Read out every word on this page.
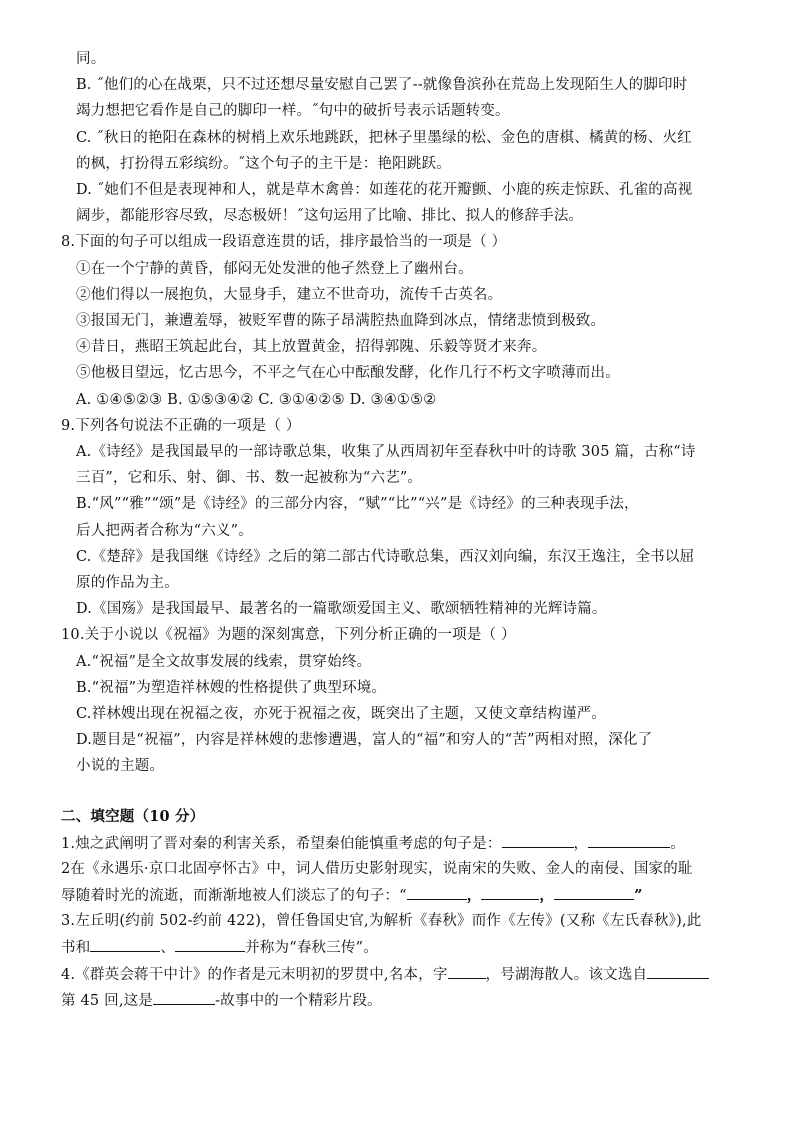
同。
B. ˝他们的心在战栗，只不过还想尽量安慰自己罢了--就像鲁滨孙在荒岛上发现陌生人的脚印时
竭力想把它看作是自己的脚印一样。˝句中的破折号表示话题转变。
C. ˝秋日的艳阳在森林的树梢上欢乐地跳跃，把林子里墨绿的松、金色的唐棋、橘黄的杨、火红
的枫，打扮得五彩缤纷。˝这个句子的主干是：艳阳跳跃。
D. ˝她们不但是表现神和人，就是草木禽兽：如莲花的花开瓣颤、小鹿的疾走惊跃、孔雀的高视
阔步，都能形容尽致，尽态极妍！˝这句运用了比喻、排比、拟人的修辞手法。
8.下面的句子可以组成一段语意连贯的话，排序最恰当的一项是（ ）
①在一个宁静的黄昏，郁闷无处发泄的他孑然登上了幽州台。
②他们得以一展抱负，大显身手，建立不世奇功，流传千古英名。
③报国无门，兼遭羞辱，被贬军曹的陈子昂满腔热血降到冰点，情绪悲愤到极致。
④昔日，燕昭王筑起此台，其上放置黄金，招得郭隗、乐毅等贤才来奔。
⑤他极目望远，忆古思今，不平之气在心中酝酿发酵，化作几行不朽文字喷薄而出。
A. ①④⑤②③ B. ①⑤③④② C. ③①④②⑤ D. ③④①⑤②
9.下列各句说法不正确的一项是（ ）
A.《诗经》是我国最早的一部诗歌总集，收集了从西周初年至春秋中叶的诗歌 305 篇，古称“诗
三百”，它和乐、射、御、书、数一起被称为“六艺”。
B.“风”“雅”“颂”是《诗经》的三部分内容，“赋”“比”“兴”是《诗经》的三种表现手法，
后人把两者合称为“六义”。
C.《楚辞》是我国继《诗经》之后的第二部古代诗歌总集，西汉刘向编，东汉王逸注，全书以屈
原的作品为主。
D.《国殇》是我国最早、最著名的一篇歌颂爱国主义、歌颂牺牲精神的光辉诗篇。
10.关于小说以《祝福》为题的深刻寓意，下列分析正确的一项是（ ）
A.“祝福”是全文故事发展的线索，贯穿始终。
B.“祝福”为塑造祥林嫂的性格提供了典型环境。
C.祥林嫂出现在祝福之夜，亦死于祝福之夜，既突出了主题，又使文章结构谨严。
D.题目是“祝福”，内容是祥林嫂的悲惨遭遇，富人的“福”和穷人的“苦”两相对照，深化了
小说的主题。
二、填空题（10 分）
1.烛之武阐明了晋对秦的利害关系，希望秦伯能慎重考虑的句子是：	，	。
2在《永遇乐·京口北固亭怀古》中，词人借历史影射现实，说南宋的失败、金人的南侵、国家的耻
辱随着时光的流逝，而渐渐地被人们淡忘了的句子：“	，	，	”
3.左丘明(约前 502-约前 422)，曾任鲁国史官,为解析《春秋》而作《左传》(又称《左氏春秋》),此
书和	、	并称为“春秋三传”。
4.《群英会蒋干中计》的作者是元末明初的罗贯中,名本，字	，号湖海散人。该文选自
第 45 回,这是	-故事中的一个精彩片段。
